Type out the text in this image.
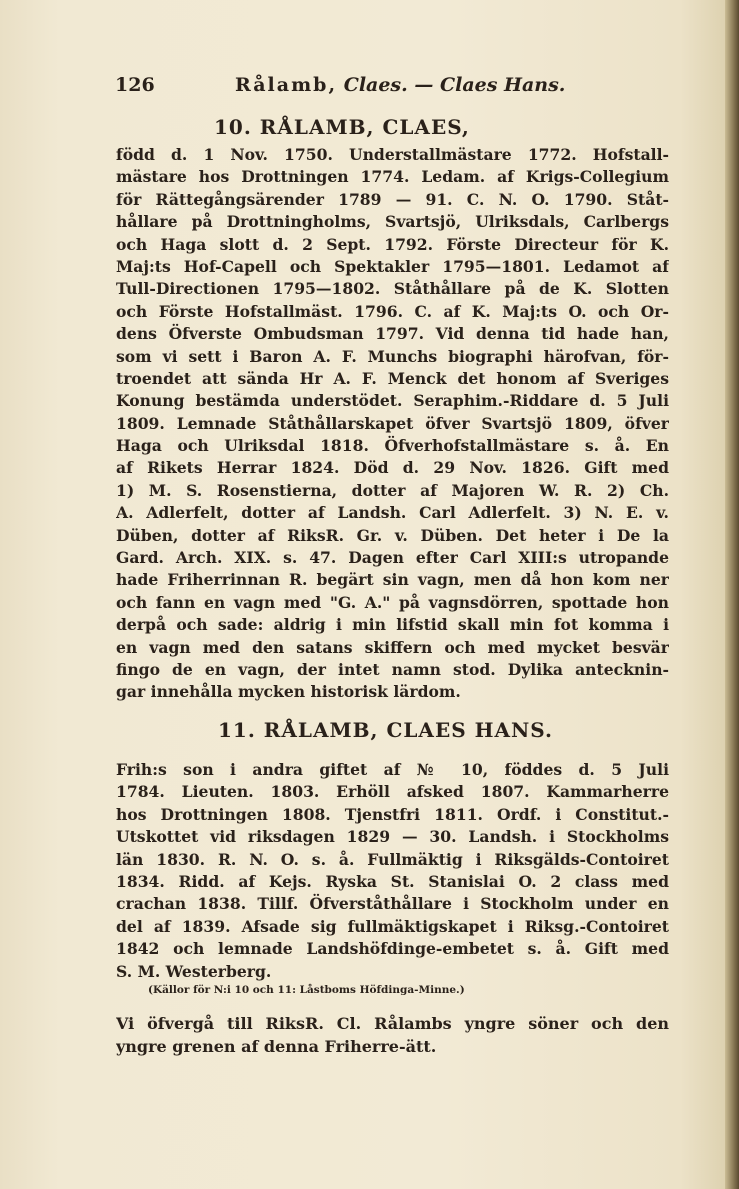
126	Rålamb, Claes. — Claes Hans.
10. RÅLAMB, CLAES,
född d. 1 Nov. 1750. Understallmästare 1772. Hofstall-
mästare hos Drottningen 1774. Ledam. af Krigs-Collegium
för Rättegångsärender 1789 — 91. C. N. O. 1790. Ståt-
hållare på Drottningholms, Svartsjö, Ulriksdals, Carlbergs
och Haga slott d. 2 Sept. 1792. Förste Directeur för K.
Maj:ts Hof-Capell och Spektakler 1795—1801. Ledamot af
Tull-Directionen 1795—1802. Ståthållare på de K. Slotten
och Förste Hofstallmäst. 1796. C. af K. Maj:ts O. och Or-
dens Öfverste Ombudsman 1797. Vid denna tid hade han,
som vi sett i Baron A. F. Munchs biographi härofvan, för-
troendet att sända Hr A. F. Menck det honom af Sveriges
Konung bestämda understödet. Seraphim.-Riddare d. 5 Juli
1809. Lemnade Ståthållarskapet öfver Svartsjö 1809, öfver
Haga och Ulriksdal 1818. Öfverhofstallmästare s. å. En
af Rikets Herrar 1824. Död d. 29 Nov. 1826. Gift med
1) M. S. Rosenstierna, dotter af Majoren W. R. 2) Ch.
A. Adlerfelt, dotter af Landsh. Carl Adlerfelt. 3) N. E. v.
Düben, dotter af RiksR. Gr. v. Düben. Det heter i De la
Gard. Arch. XIX. s. 47. Dagen efter Carl XIII:s utropande
hade Friherrinnan R. begärt sin vagn, men då hon kom ner
och fann en vagn med "G. A." på vagnsdörren, spottade hon
derpå och sade: aldrig i min lifstid skall min fot komma i
en vagn med den satans skiffern och med mycket besvär
fingo de en vagn, der intet namn stod. Dylika antecknin-
gar innehålla mycken historisk lärdom.
11. RÅLAMB, CLAES HANS.
Frih:s son i andra giftet af № 10, föddes d. 5 Juli
1784. Lieuten. 1803. Erhöll afsked 1807. Kammarherre
hos Drottningen 1808. Tjenstfri 1811. Ordf. i Constitut.-
Utskottet vid riksdagen 1829 — 30. Landsh. i Stockholms
län 1830. R. N. O. s. å. Fullmäktig i Riksgälds-Contoiret
1834. Ridd. af Kejs. Ryska St. Stanislai O. 2 class med
crachan 1838. Tillf. Öfverståthållare i Stockholm under en
del af 1839. Afsade sig fullmäktigskapet i Riksg.-Contoiret
1842 och lemnade Landshöfdinge-embetet s. å. Gift med
S. M. Westerberg.
(Källor för N:i 10 och 11: Låstboms Höfdinga-Minne.)
Vi öfvergå till RiksR. Cl. Rålambs yngre söner och den
yngre grenen af denna Friherre-ätt.
